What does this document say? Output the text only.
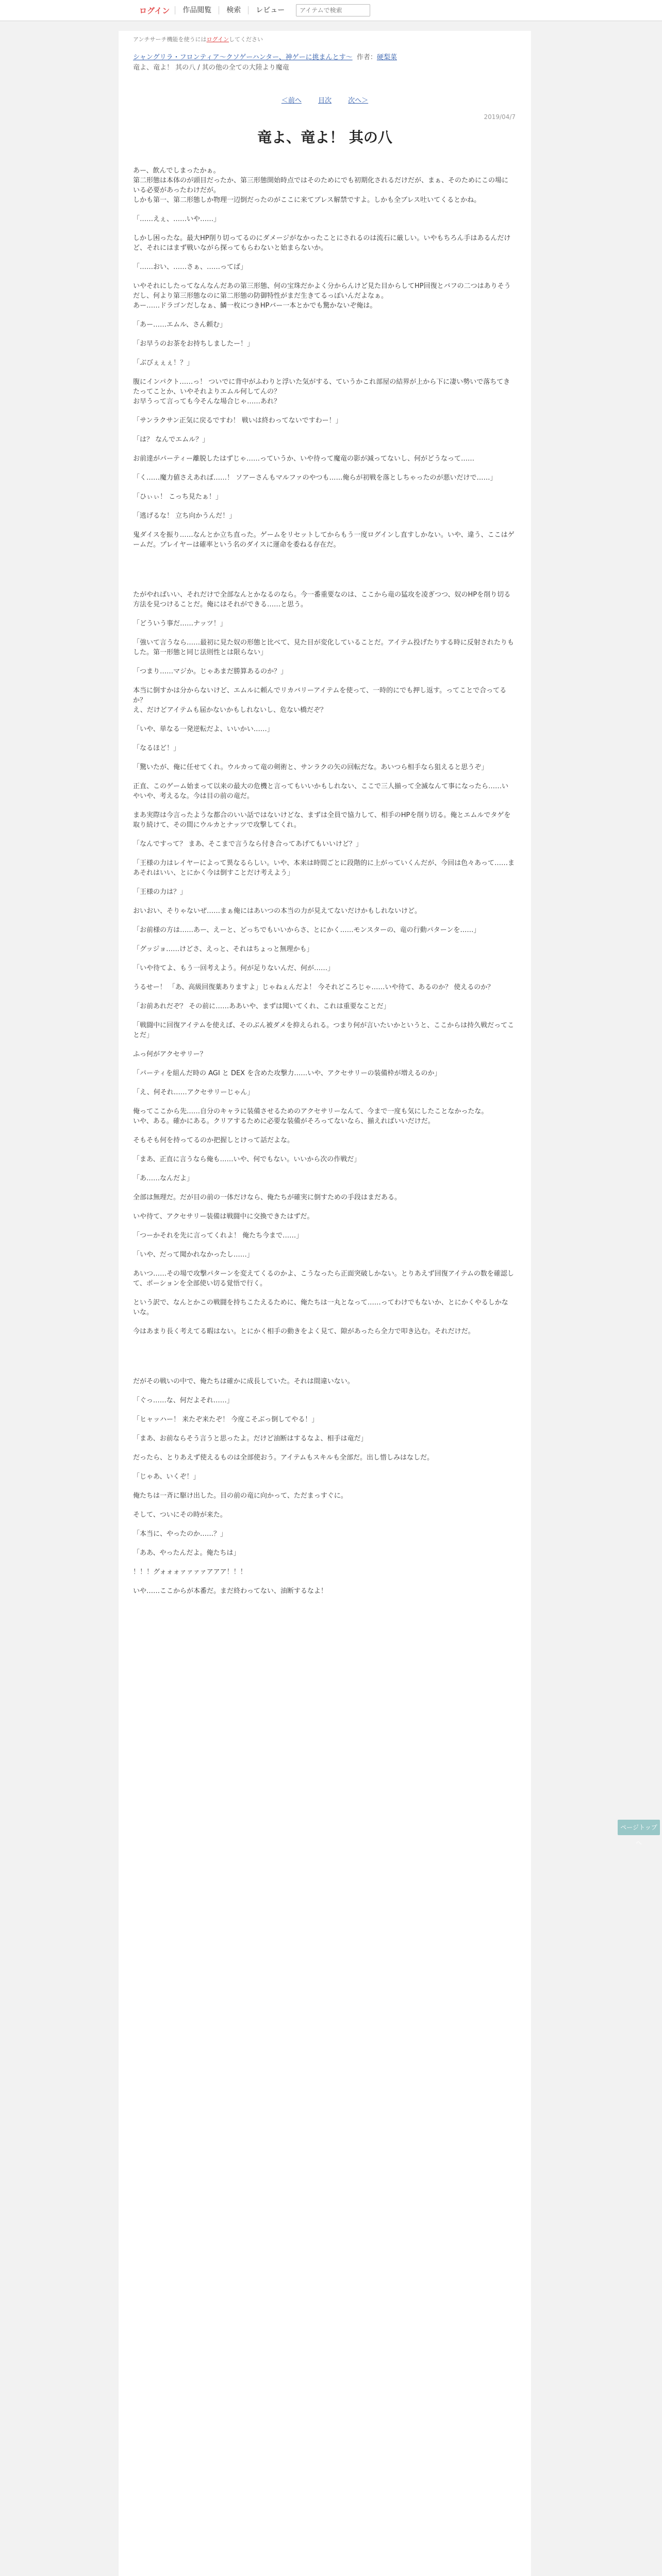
ログイン	作品閲覧	検索	レビュー
アイテムで検索
アンチサーチ機能を使うにはログインしてください
シャングリラ・フロンティア〜クソゲーハンター、神ゲーに挑まんとす〜 作者：硬梨菜
竜よ、竜よ！ 其の八 / 其の他の全ての大陸より魔竜
＜前へ 目次 次へ＞
2019/04/7
竜よ、竜よ！ 其の八

あー、飲んでしまったかぁ。
第二形態は本体のが頭目だったか、第三形態開始時点ではそのためにでも初期化されるだけだが、まぁ、そのためにこの場にいる必要があったわけだが。
しかも第一、第二形態しか物理一辺倒だったのがここに来てブレス解禁ですよ。しかも全ブレス吐いてくるとかね。

「……えぇ、……いや……」

しかし困ったな。最大HP削り切ってるのにダメージがなかったことにされるのは流石に厳しい。いやもちろん手はあるんだけど、それにはまず戦いながら探ってもらわないと始まらないか。

「……おい、……さぁ、……ってば」

いやそれにしたってなんなんだあの第三形態、何の宝珠だかよく分からんけど見た目からしてHP回復とバフの二つはありそうだし、何より第三形態なのに第二形態の防御特性がまだ生きてるっぽいんだよなぁ。
あー……ドラゴンだしなぁ、鱗一枚につきHPバー一本とかでも驚かないぞ俺は。

「あー……エムル、さん頼む」

「お早うのお茶をお持ちしましたー！」

「ぶびぇぇぇ！？」

腹にインパクト……っ！ ついでに背中がふわりと浮いた気がする、ていうかこれ部屋の結界が上から下に凄い勢いで落ちてきたってことか、いやそれよりエムル何してんの？
お早うって言っても今そんな場合じゃ……あれ？

「サンラクサン正気に戻るですわ！ 戦いは終わってないですわー！」

「は？ なんでエムル？」

お前達がパーティー離脱したはずじゃ……っていうか、いや待って魔竜の影が減ってないし、何がどうなって……

「く……魔力値さえあれば……！ ソアーさんもマルファのやつも……俺らが初戦を落としちゃったのが悪いだけで……」

「ひぃぃ！ こっち見たぁ！」

「逃げるな！ 立ち向かうんだ！」

鬼ダイスを振り……なんとか立ち直った。ゲームをリセットしてからもう一度ログインし直すしかない。いや、違う、ここはゲームだ。プレイヤーは確率という名のダイスに運命を委ねる存在だ。

たがやればいい、それだけで全部なんとかなるのなら。今一番重要なのは、ここから竜の猛攻を凌ぎつつ、奴のHPを削り切る方法を見つけることだ。俺にはそれができる……と思う。

「どういう事だ……ナッツ！」

「強いて言うなら……最初に見た奴の形態と比べて、見た目が変化していることだ。アイテム投げたりする時に反射されたりもした。第一形態と同じ法則性とは限らない」

「つまり……マジか。じゃあまだ勝算あるのか？」

本当に倒すかは分からないけど、エムルに頼んでリカバリーアイテムを使って、一時的にでも押し返す。ってことで合ってるか？
え、だけどアイテムも届かないかもしれないし、危ない橋だぞ？

「いや、単なる一発逆転だよ、いいかい……」

「なるほど！」

「驚いたが、俺に任せてくれ。ウルカって竜の剣術と、サンラクの矢の回転だな。あいつら相手なら狙えると思うぞ」

正直、このゲーム始まって以来の最大の危機と言ってもいいかもしれない、ここで三人揃って全滅なんて事になったら……いやいや、考えるな。今は目の前の竜だ。

まあ実際は今言ったような都合のいい話ではないけどな、まずは全員で協力して、相手のHPを削り切る。俺とエムルでタゲを取り続けて、その間にウルカとナッツで攻撃してくれ。

「なんですって？ まあ、そこまで言うなら付き合ってあげてもいいけど？」

「王様の力はレイヤーによって異なるらしい。いや、本来は時間ごとに段階的に上がっていくんだが、今回は色々あって……まあそれはいい、とにかく今は倒すことだけ考えよう」

「王様の力は？」

おいおい、そりゃないぜ……まぁ俺にはあいつの本当の力が見えてないだけかもしれないけど。

「お前様の方は……あー、えーと、どっちでもいいからさ、とにかく……モンスターの、竜の行動パターンを……」

「グッジョ……けどさ、えっと、それはちょっと無理かも」

「いや待てよ、もう一回考えよう。何が足りないんだ、何が……」

うるせー！ 「あ、高級回復薬ありますよ」じゃねぇんだよ！ 今それどころじゃ……いや待て、あるのか？ 使えるのか？

「お前あれだぞ？ その前に……ああいや、まずは聞いてくれ、これは重要なことだ」

「戦闘中に回復アイテムを使えば、そのぶん被ダメを抑えられる。つまり何が言いたいかというと、ここからは持久戦だってことだ」

ふっ何がアクセサリー？

「パーティを組んだ時の AGI と DEX を含めた攻撃力……いや、アクセサリーの装備枠が増えるのか」

「え、何それ……アクセサリーじゃん」

俺ってここから先……自分のキャラに装備させるためのアクセサリーなんて、今まで一度も気にしたことなかったな。
いや、ある。確かにある。クリアするために必要な装備がそろってないなら、揃えればいいだけだ。

そもそも何を持ってるのか把握しとけって話だよな。

「まあ、正直に言うなら俺も……いや、何でもない。いいから次の作戦だ」

「あ……なんだよ」

全部は無理だ。だが目の前の一体だけなら、俺たちが確実に倒すための手段はまだある。

いや待て、アクセサリー装備は戦闘中に交換できたはずだ。

「つーかそれを先に言ってくれよ！ 俺たち今まで……」

「いや、だって聞かれなかったし……」

あいつ……その場で攻撃パターンを変えてくるのかよ、こうなったら正面突破しかない。とりあえず回復アイテムの数を確認して、ポーションを全部使い切る覚悟で行く。

という訳で、なんとかこの戦闘を持ちこたえるために、俺たちは一丸となって……ってわけでもないか、とにかくやるしかないな。

今はあまり長く考えてる暇はない。とにかく相手の動きをよく見て、隙があったら全力で叩き込む。それだけだ。

だがその戦いの中で、俺たちは確かに成長していた。それは間違いない。

「ぐっ……な、何だよそれ……」

「ヒャッハー！ 来たぞ来たぞ！ 今度こそぶっ倒してやる！」

「まあ、お前ならそう言うと思ったよ。だけど油断はするなよ、相手は竜だ」

だったら、とりあえず使えるものは全部使おう。アイテムもスキルも全部だ。出し惜しみはなしだ。

「じゃあ、いくぞ！」

俺たちは一斉に駆け出した。目の前の竜に向かって、ただまっすぐに。

そして、ついにその時が来た。

「本当に、やったのか……？」

「ああ、やったんだよ。俺たちは」

！！！グォォォァァァァアアア！！！

いや……ここからが本番だ。まだ終わってない、油断するなよ！

ページトップへ
